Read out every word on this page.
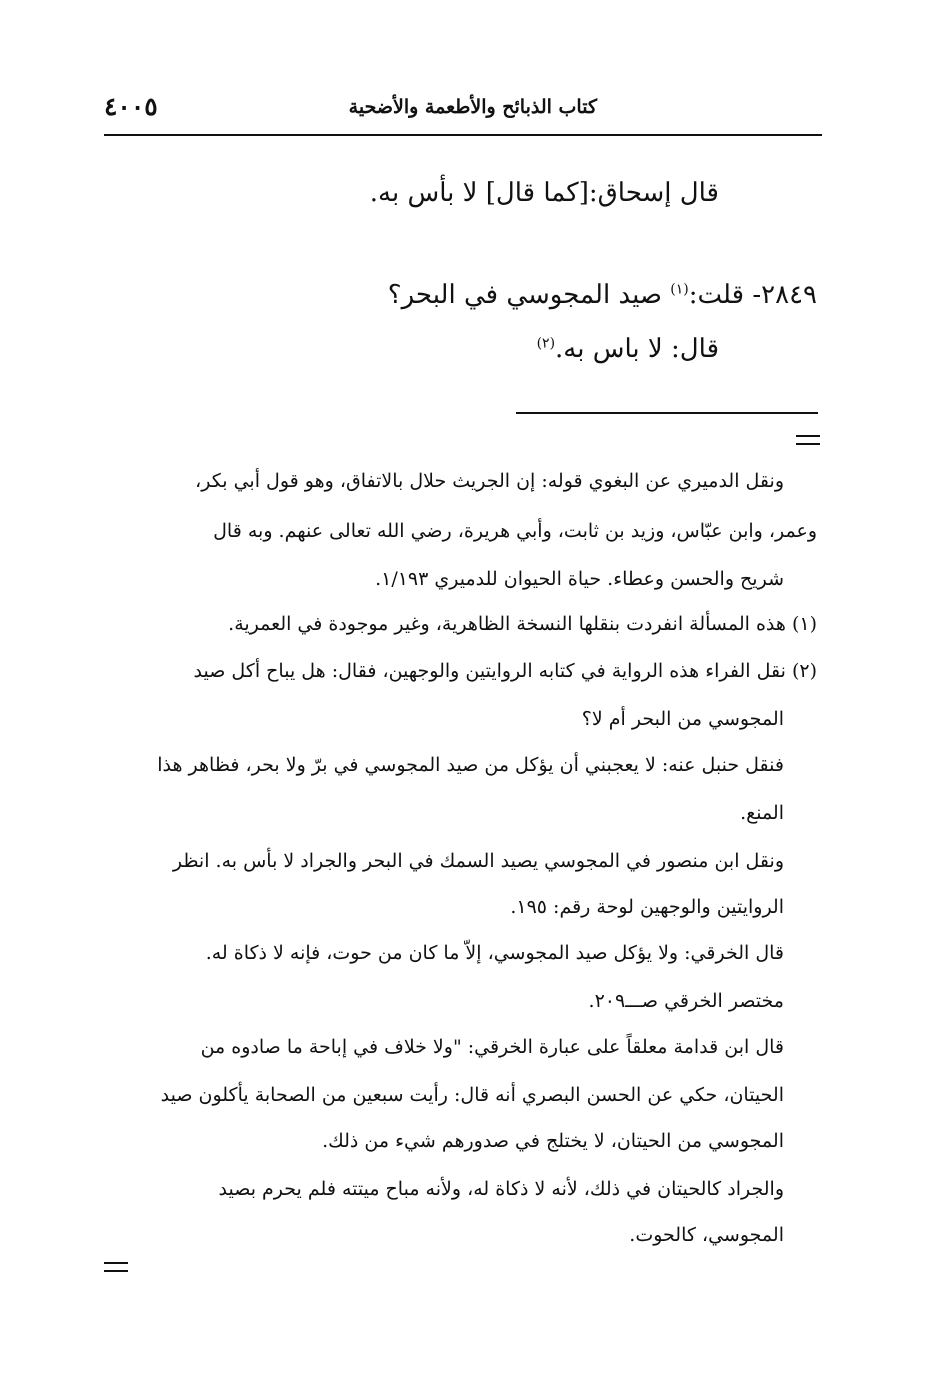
كتاب الذبائح والأطعمة والأضحية
٤٠٠٥
قال إسحاق:[كما قال] لا بأس به.
٢٨٤٩- قلت:$^{(١)}$ صيد المجوسي في البحر؟
قال: لا باس به.$^{(٢)}$
ونقل الدميري عن البغوي قوله: إن الجريث حلال بالاتفاق، وهو قول أبي بكر،
وعمر، وابن عبّاس، وزيد بن ثابت، وأبي هريرة، رضي الله تعالى عنهم. وبه قال
شريح والحسن وعطاء. حياة الحيوان للدميري ١/١٩٣.
(١) هذه المسألة انفردت بنقلها النسخة الظاهرية، وغير موجودة في العمرية.
(٢) نقل الفراء هذه الرواية في كتابه الروايتين والوجهين، فقال: هل يباح أكل صيد
المجوسي من البحر أم لا؟
فنقل حنبل عنه: لا يعجبني أن يؤكل من صيد المجوسي في برّ ولا بحر، فظاهر هذا
المنع.
ونقل ابن منصور في المجوسي يصيد السمك في البحر والجراد لا بأس به. انظر
الروايتين والوجهين لوحة رقم: ١٩٥.
قال الخرقي: ولا يؤكل صيد المجوسي، إلاّ ما كان من حوت، فإنه لا ذكاة له.
مختصر الخرقي صـــ٢٠٩.
قال ابن قدامة معلقاً على عبارة الخرقي: "ولا خلاف في إباحة ما صادوه من
الحيتان، حكي عن الحسن البصري أنه قال: رأيت سبعين من الصحابة يأكلون صيد
المجوسي من الحيتان، لا يختلج في صدورهم شيء من ذلك.
والجراد كالحيتان في ذلك، لأنه لا ذكاة له، ولأنه مباح ميتته فلم يحرم بصيد
المجوسي، كالحوت.
